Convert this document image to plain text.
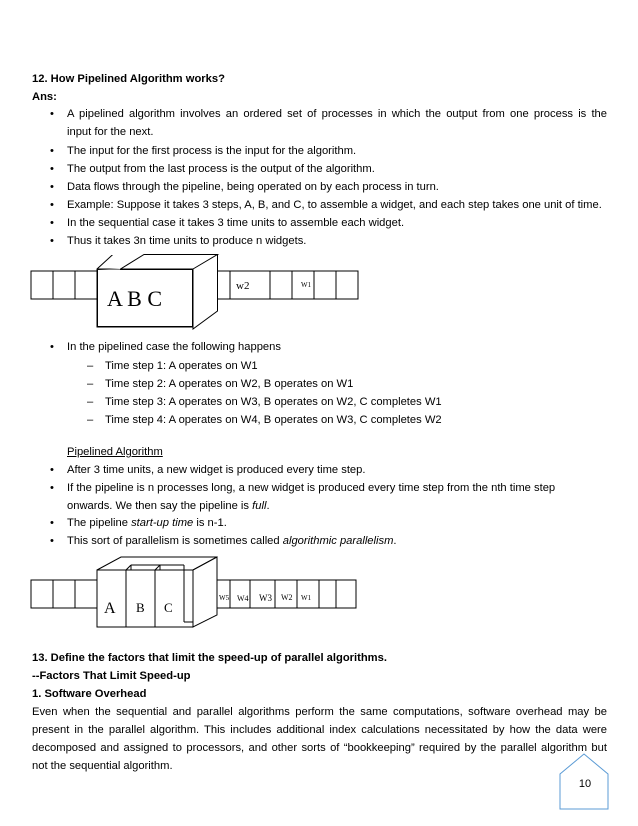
12. How Pipelined Algorithm works?
Ans:
• A pipelined algorithm involves an ordered set of processes in which the output from one process is the
input for the next.
• The input for the first process is the input for the algorithm.
• The output from the last process is the output of the algorithm.
• Data flows through the pipeline, being operated on by each process in turn.
• Example: Suppose it takes 3 steps, A, B, and C, to assemble a widget, and each step takes one unit of time.
• In the sequential case it takes 3 time units to assemble each widget.
• Thus it takes 3n time units to produce n widgets.
A B C	w2	W1
• In the pipelined case the following happens
– Time step 1: A operates on W1
– Time step 2: A operates on W2, B operates on W1
– Time step 3: A operates on W3, B operates on W2, C completes W1
– Time step 4: A operates on W4, B operates on W3, C completes W2
Pipelined Algorithm
• After 3 time units, a new widget is produced every time step.
• If the pipeline is n processes long, a new widget is produced every time step from the nth time step
onwards. We then say the pipeline is full.
• The pipeline start-up time is n-1.
• This sort of parallelism is sometimes called algorithmic parallelism.
A B C
W5 W4 W3 W2 W1
13. Define the factors that limit the speed-up of parallel algorithms.
--Factors That Limit Speed-up
1. Software Overhead
Even when the sequential and parallel algorithms perform the same computations, software overhead may be
present in the parallel algorithm. This includes additional index calculations necessitated by how the data were
decomposed and assigned to processors, and other sorts of “bookkeeping” required by the parallel algorithm but
not the sequential algorithm.
10
